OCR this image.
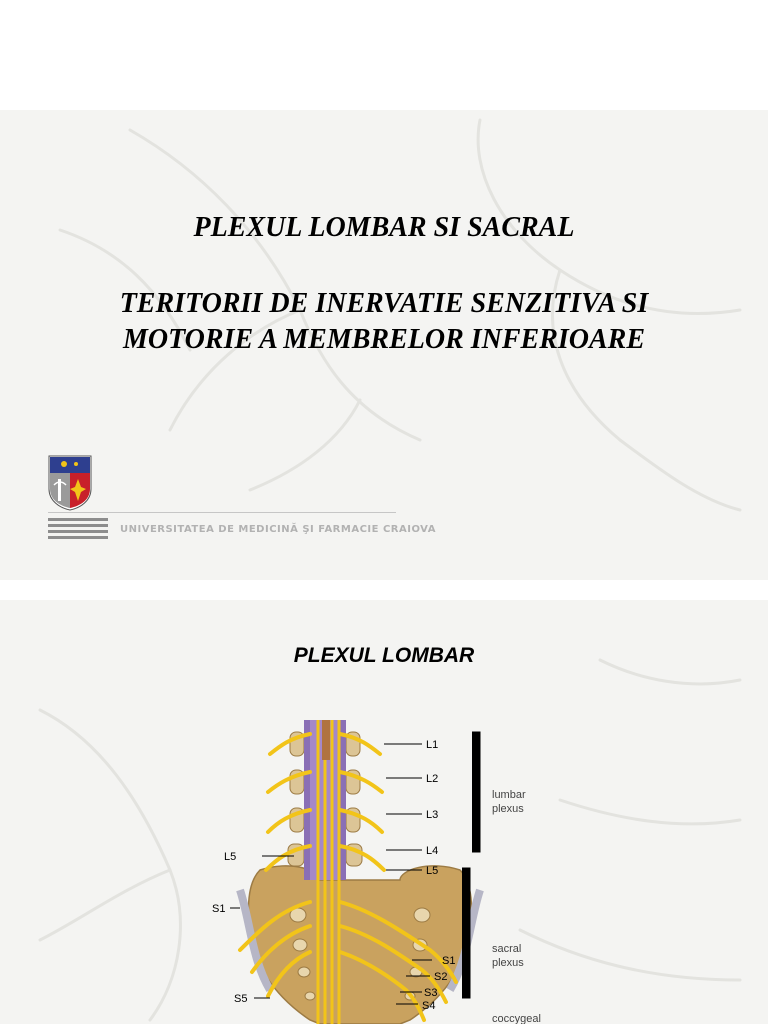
PLEXUL LOMBAR SI SACRAL
TERITORII DE INERVATIE SENZITIVA SI
MOTORIE A MEMBRELOR INFERIOARE
UNIVERSITATEA DE MEDICINĂ ŞI FARMACIE CRAIOVA
PLEXUL LOMBAR
L1
L2
L3
L4
L5
S1
S2
S3
S4
L5
S1
S5
lumbar
plexus
sacral
plexus
coccygeal
